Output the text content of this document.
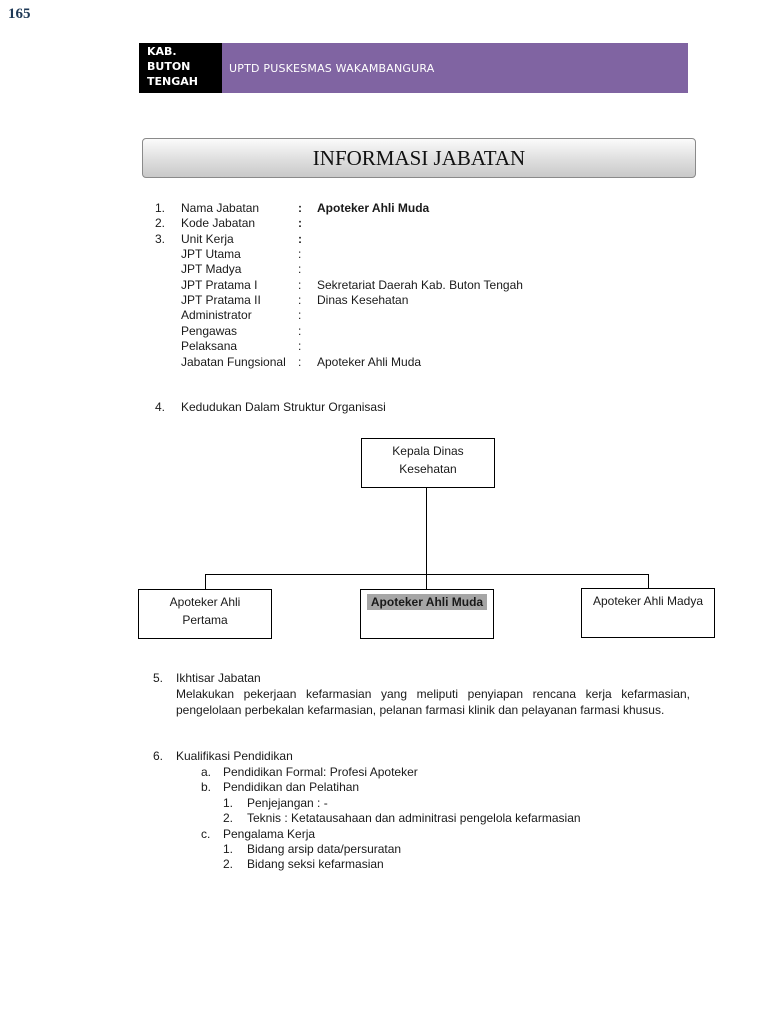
165
KAB.
BUTON
TENGAH
UPTD PUSKESMAS WAKAMBANGURA
INFORMASI JABATAN
1. Nama Jabatan	: Apoteker Ahli Muda
2. Kode Jabatan	:
3. Unit Kerja	:
JPT Utama	:
JPT Madya	:
JPT Pratama I	: Sekretariat Daerah Kab. Buton Tengah
JPT Pratama II	: Dinas Kesehatan
Administrator	:
Pengawas	:
Pelaksana	:
Jabatan Fungsional : Apoteker Ahli Muda
4. Kedudukan Dalam Struktur Organisasi
Kepala Dinas
Kesehatan
Apoteker Ahli
Pertama
Apoteker Ahli Muda	Apoteker Ahli Madya
5. Ikhtisar Jabatan
Melakukan pekerjaan kefarmasian yang meliputi penyiapan rencana kerja kefarmasian, pengelolaan perbekalan kefarmasian, pelanan farmasi klinik dan pelayanan farmasi khusus.
6. Kualifikasi Pendidikan
a. Pendidikan Formal: Profesi Apoteker
b. Pendidikan dan Pelatihan
1. Penjejangan : -
2. Teknis : Ketatausahaan dan adminitrasi pengelola kefarmasian
c. Pengalama Kerja
1. Bidang arsip data/persuratan
2. Bidang seksi kefarmasian
